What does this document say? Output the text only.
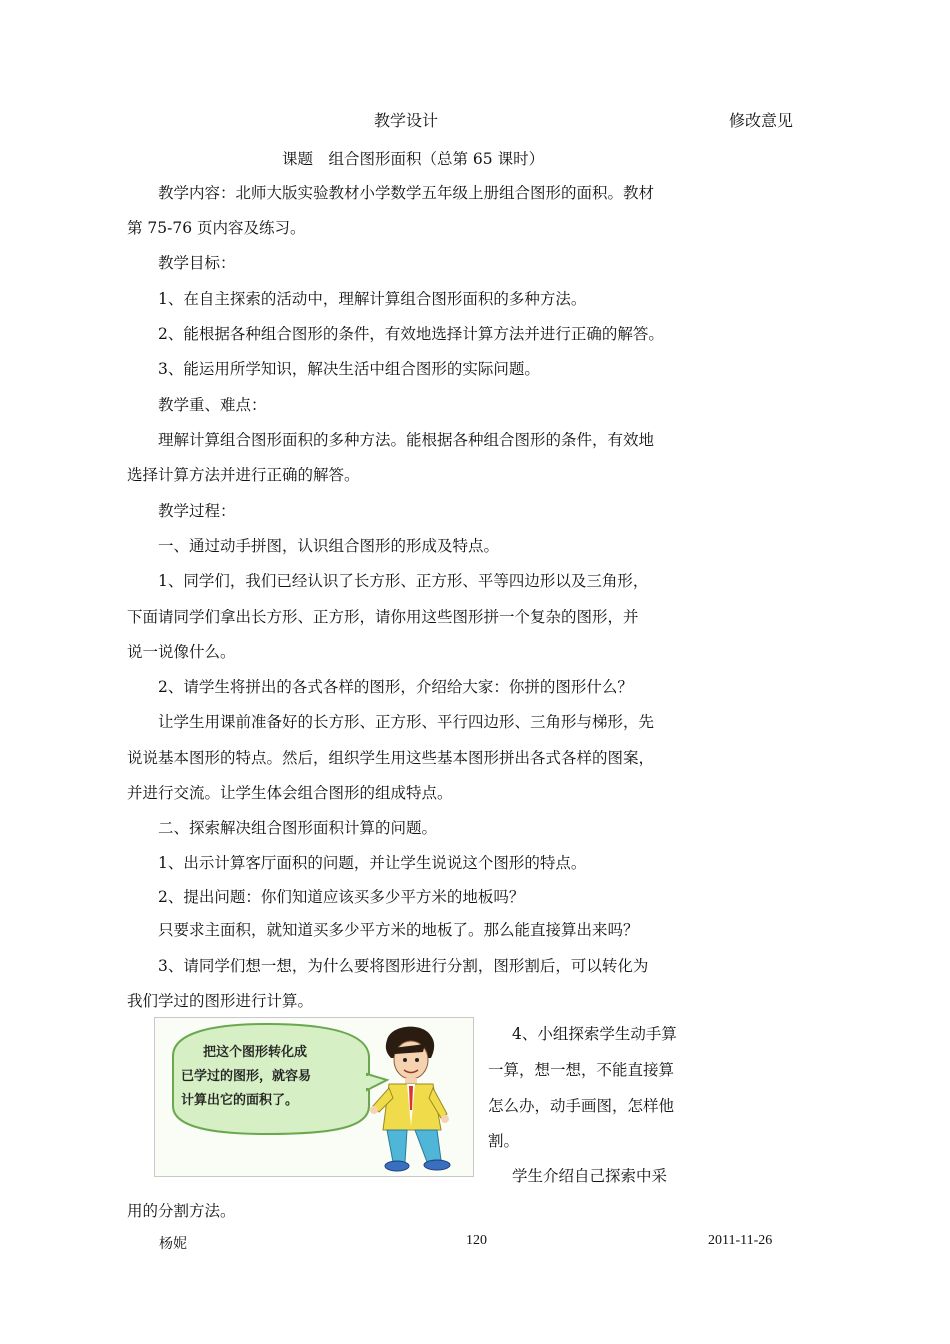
教学设计	修改意见
课题　组合图形面积（总第 65 课时）
教学内容：北师大版实验教材小学数学五年级上册组合图形的面积。教材
第 75-76 页内容及练习。
教学目标：
1、在自主探索的活动中，理解计算组合图形面积的多种方法。
2、能根据各种组合图形的条件，有效地选择计算方法并进行正确的解答。
3、能运用所学知识，解决生活中组合图形的实际问题。
教学重、难点：
理解计算组合图形面积的多种方法。能根据各种组合图形的条件，有效地
选择计算方法并进行正确的解答。
教学过程：
一、通过动手拼图，认识组合图形的形成及特点。
1、同学们，我们已经认识了长方形、正方形、平等四边形以及三角形，
下面请同学们拿出长方形、正方形，请你用这些图形拼一个复杂的图形，并
说一说像什么。
2、请学生将拼出的各式各样的图形，介绍给大家：你拼的图形什么？
让学生用课前准备好的长方形、正方形、平行四边形、三角形与梯形，先
说说基本图形的特点。然后，组织学生用这些基本图形拼出各式各样的图案，
并进行交流。让学生体会组合图形的组成特点。
二、探索解决组合图形面积计算的问题。
1、出示计算客厅面积的问题，并让学生说说这个图形的特点。
2、提出问题：你们知道应该买多少平方米的地板吗？
只要求主面积，就知道买多少平方米的地板了。那么能直接算出来吗？
3、请同学们想一想，为什么要将图形进行分割，图形割后，可以转化为
我们学过的图形进行计算。
把这个图形转化成
已学过的图形，就容易
计算出它的面积了。
4、小组探索学生动手算
一算，想一想，不能直接算
怎么办，动手画图，怎样他
割。
学生介绍自己探索中采
用的分割方法。
杨妮	120	2011-11-26
